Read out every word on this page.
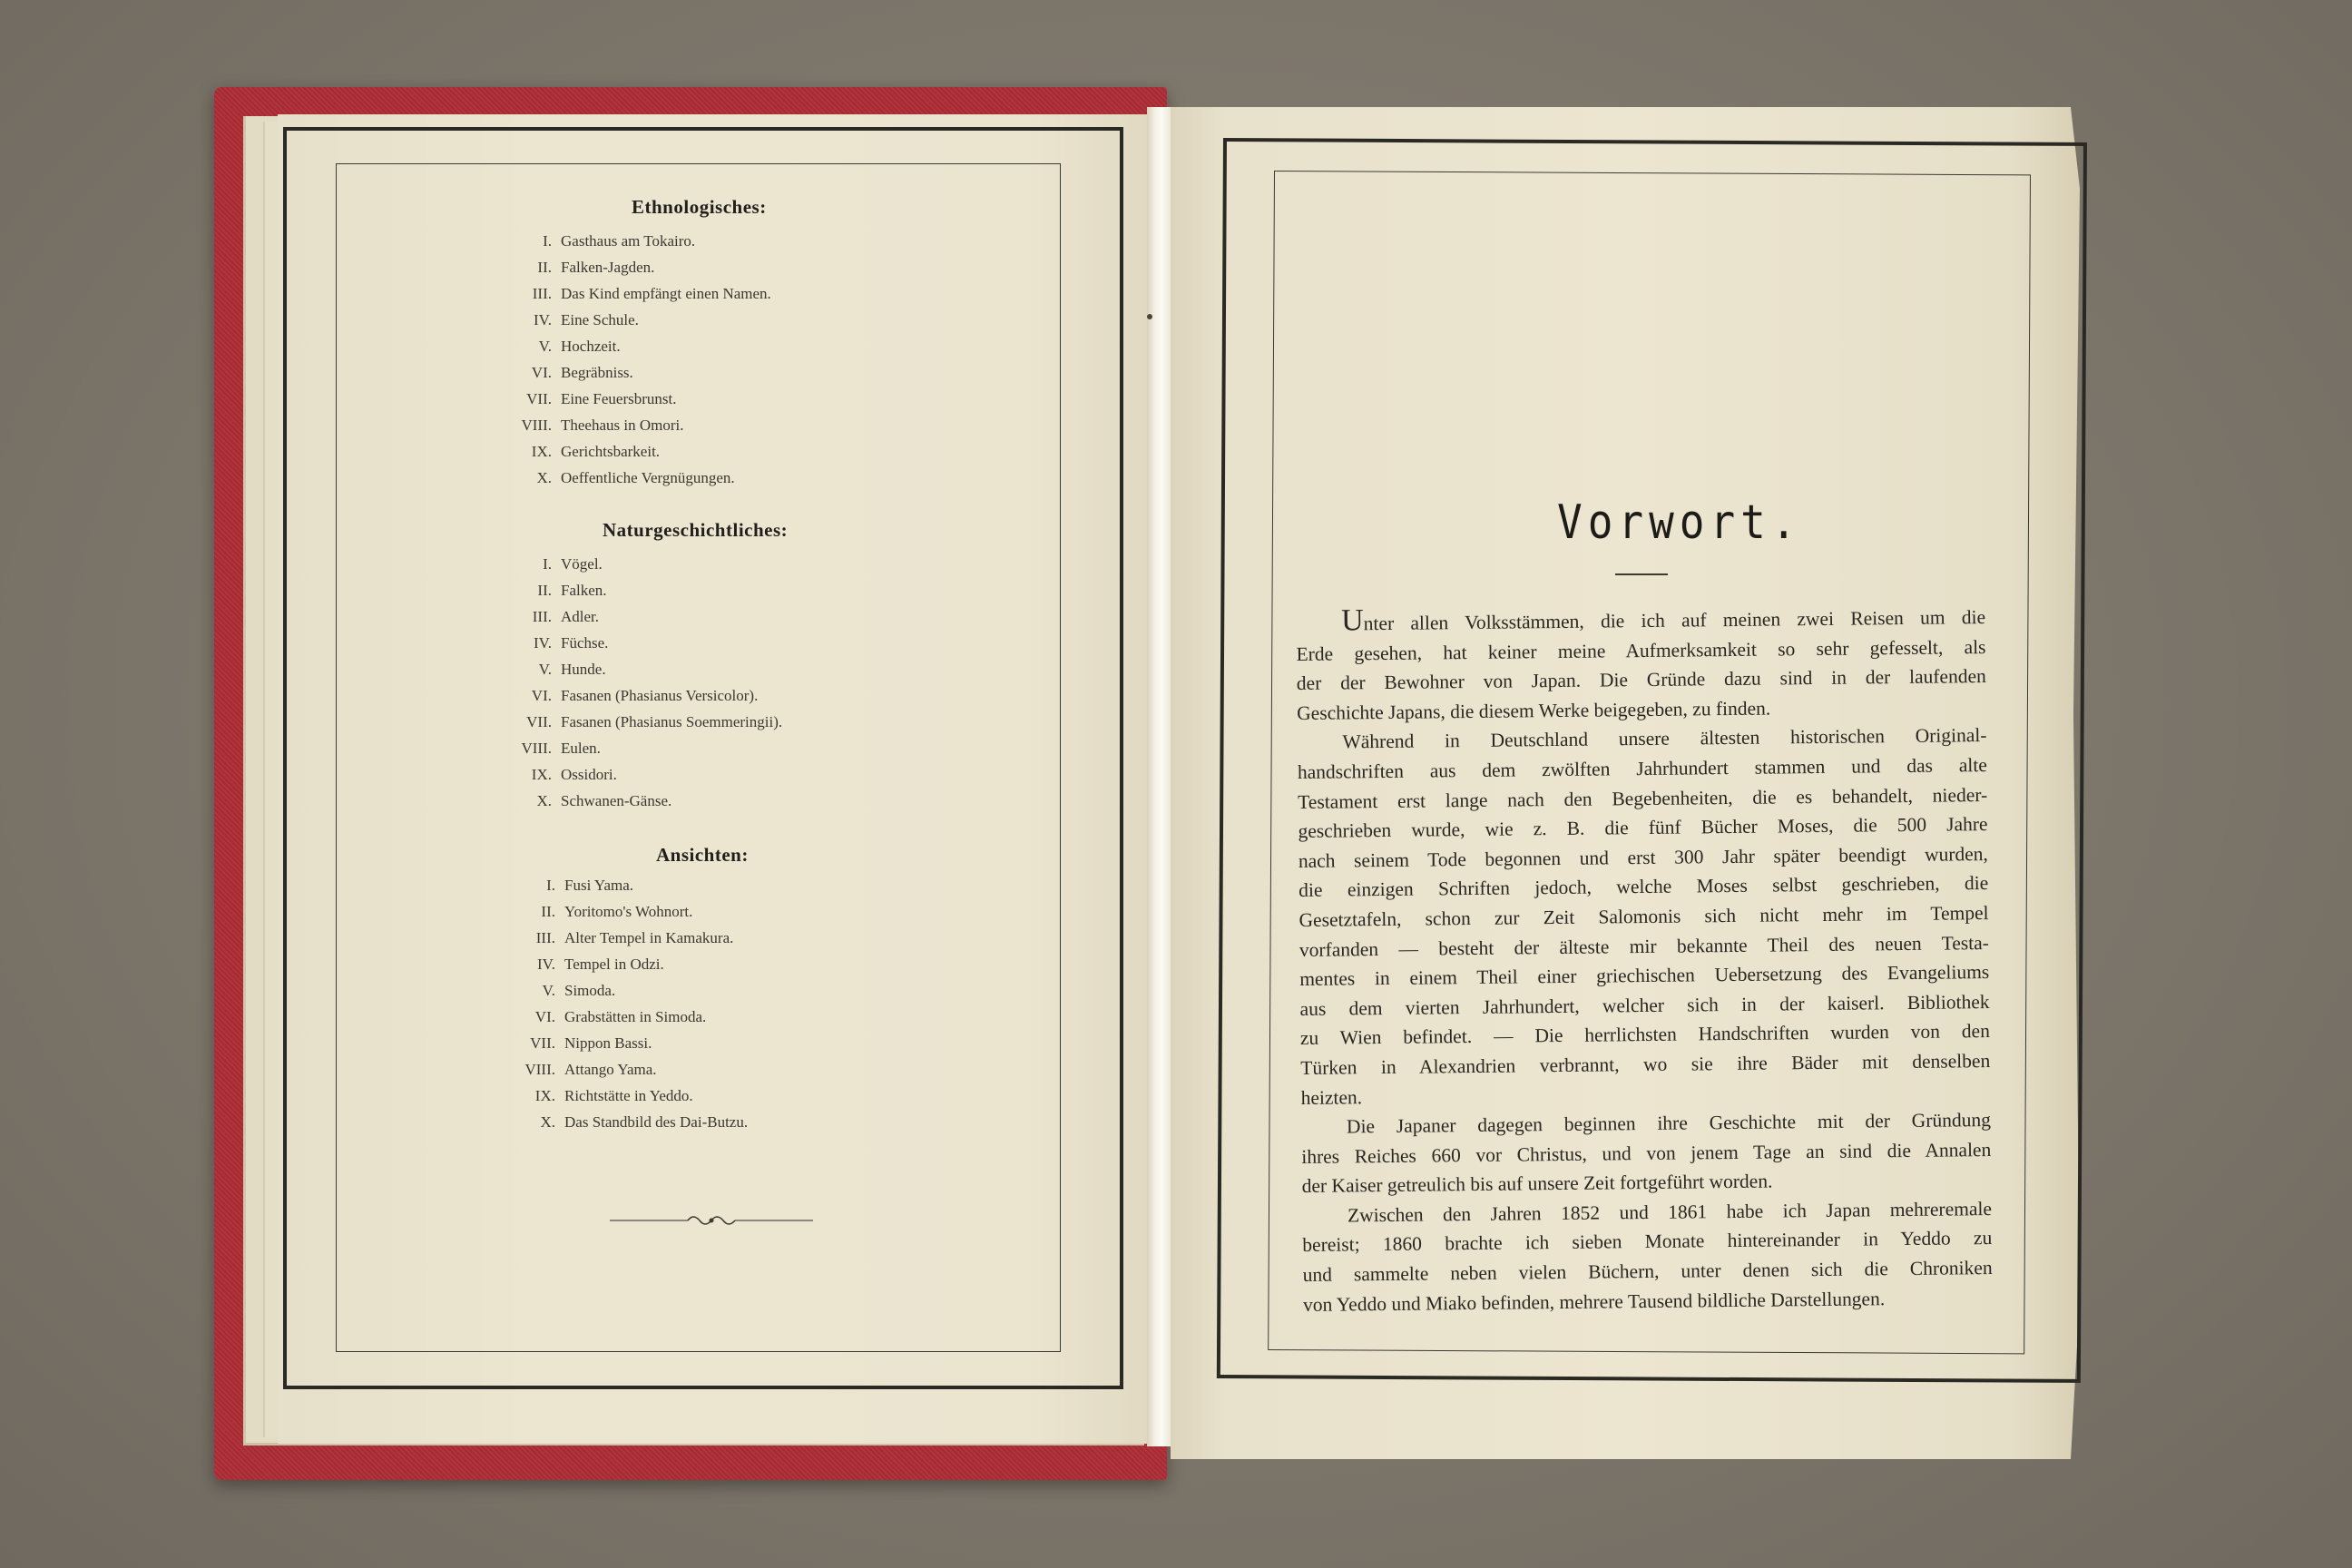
Ethnologisches:
I. Gasthaus am Tokairo.
II. Falken-Jagden.
III. Das Kind empfängt einen Namen.
IV. Eine Schule.
V. Hochzeit.
VI. Begräbniss.
VII. Eine Feuersbrunst.
VIII. Theehaus in Omori.
IX. Gerichtsbarkeit.
X. Oeffentliche Vergnügungen.
Naturgeschichtliches:
I. Vögel.
II. Falken.
III. Adler.
IV. Füchse.
V. Hunde.
VI. Fasanen (Phasianus Versicolor).
VII. Fasanen (Phasianus Soemmeringii).
VIII. Eulen.
IX. Ossidori.
X. Schwanen-Gänse.
Ansichten:
I. Fusi Yama.
II. Yoritomo's Wohnort.
III. Alter Tempel in Kamakura.
IV. Tempel in Odzi.
V. Simoda.
VI. Grabstätten in Simoda.
VII. Nippon Bassi.
VIII. Attango Yama.
IX. Richtstätte in Yeddo.
X. Das Standbild des Dai-Butzu.
Vorwort.
Unter allen Volksstämmen, die ich auf meinen zwei Reisen um die
Erde gesehen, hat keiner meine Aufmerksamkeit so sehr gefesselt, als
der der Bewohner von Japan. Die Gründe dazu sind in der laufenden
Geschichte Japans, die diesem Werke beigegeben, zu finden.
Während in Deutschland unsere ältesten historischen Original-
handschriften aus dem zwölften Jahrhundert stammen und das alte
Testament erst lange nach den Begebenheiten, die es behandelt, nieder-
geschrieben wurde, wie z. B. die fünf Bücher Moses, die 500 Jahre
nach seinem Tode begonnen und erst 300 Jahr später beendigt wurden,
die einzigen Schriften jedoch, welche Moses selbst geschrieben, die
Gesetztafeln, schon zur Zeit Salomonis sich nicht mehr im Tempel
vorfanden — besteht der älteste mir bekannte Theil des neuen Testa-
mentes in einem Theil einer griechischen Uebersetzung des Evangeliums
aus dem vierten Jahrhundert, welcher sich in der kaiserl. Bibliothek
zu Wien befindet. — Die herrlichsten Handschriften wurden von den
Türken in Alexandrien verbrannt, wo sie ihre Bäder mit denselben
heizten.
Die Japaner dagegen beginnen ihre Geschichte mit der Gründung
ihres Reiches 660 vor Christus, und von jenem Tage an sind die Annalen
der Kaiser getreulich bis auf unsere Zeit fortgeführt worden.
Zwischen den Jahren 1852 und 1861 habe ich Japan mehreremale
bereist; 1860 brachte ich sieben Monate hintereinander in Yeddo zu
und sammelte neben vielen Büchern, unter denen sich die Chroniken
von Yeddo und Miako befinden, mehrere Tausend bildliche Darstellungen.
